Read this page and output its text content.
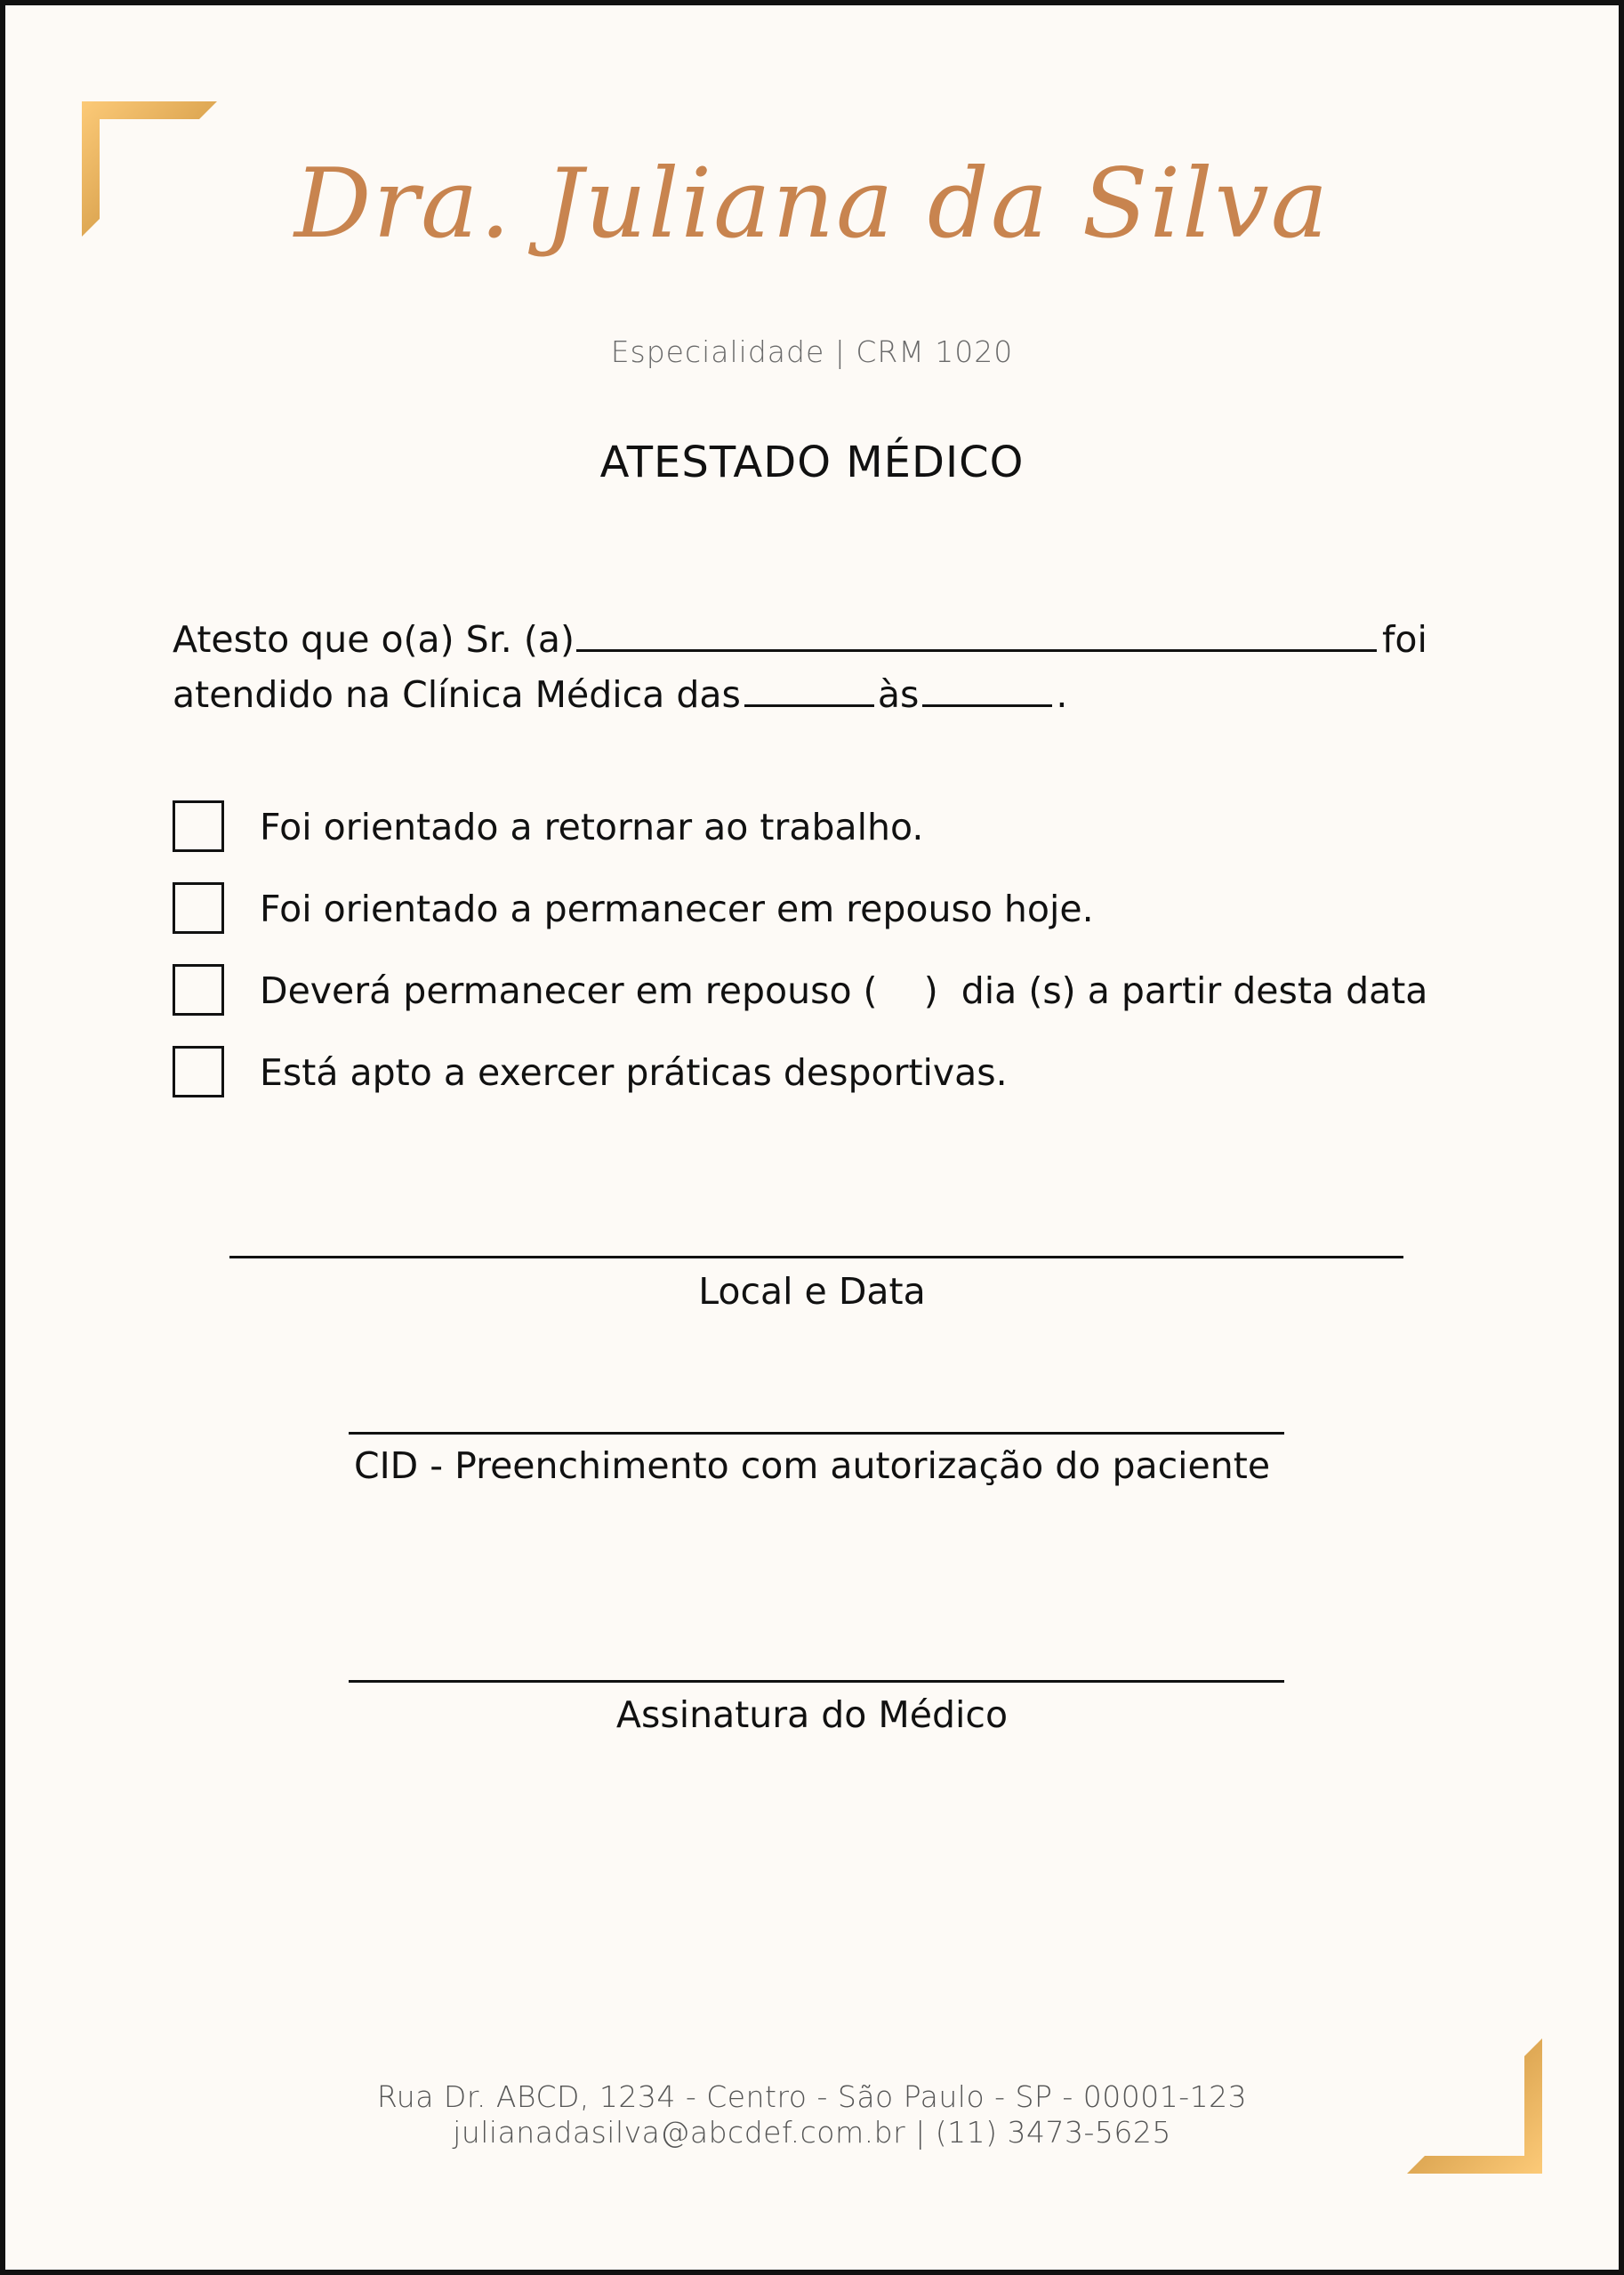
Dra. Juliana da Silva
Especialidade | CRM 1020
ATESTADO MÉDICO
Atesto que o(a) Sr. (a)	foi
atendido na Clínica Médica das	às	.
Foi orientado a retornar ao trabalho.
Foi orientado a permanecer em repouso hoje.
Deverá permanecer em repouso (    )  dia (s) a partir desta data
Está apto a exercer práticas desportivas.
Local e Data
CID - Preenchimento com autorização do paciente
Assinatura do Médico
Rua Dr. ABCD, 1234 - Centro - São Paulo - SP - 00001-123
julianadasilva@abcdef.com.br | (11) 3473-5625
